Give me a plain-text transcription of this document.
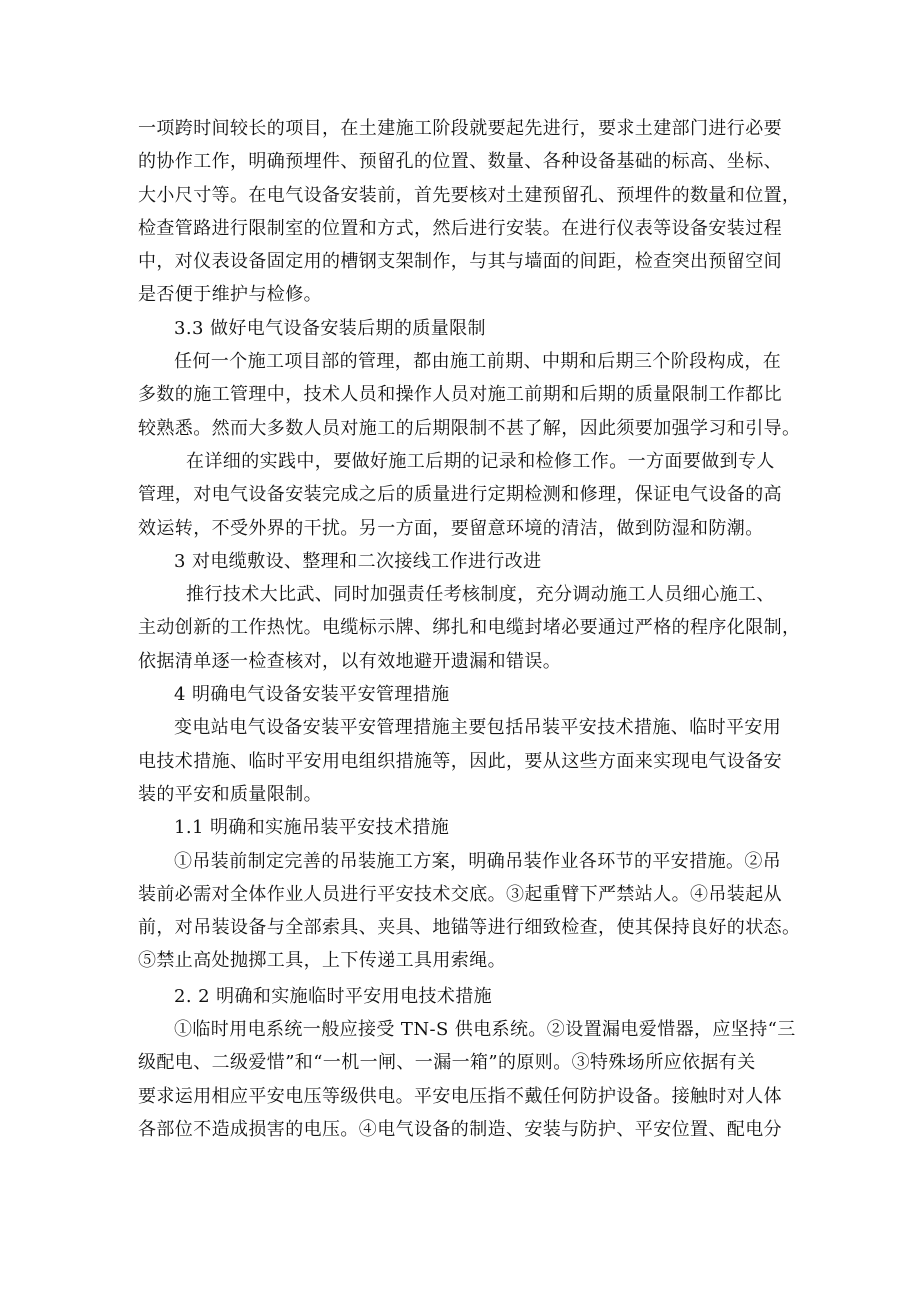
一项跨时间较长的项目，在土建施工阶段就要起先进行，要求土建部门进行必要
的协作工作，明确预埋件、预留孔的位置、数量、各种设备基础的标高、坐标、
大小尺寸等。在电气设备安装前，首先要核对土建预留孔、预埋件的数量和位置，
检查管路进行限制室的位置和方式，然后进行安装。在进行仪表等设备安装过程
中，对仪表设备固定用的槽钢支架制作，与其与墙面的间距，检查突出预留空间
是否便于维护与检修。
3.3 做好电气设备安装后期的质量限制
任何一个施工项目部的管理，都由施工前期、中期和后期三个阶段构成，在
多数的施工管理中，技术人员和操作人员对施工前期和后期的质量限制工作都比
较熟悉。然而大多数人员对施工的后期限制不甚了解，因此须要加强学习和引导。
在详细的实践中，要做好施工后期的记录和检修工作。一方面要做到专人
管理，对电气设备安装完成之后的质量进行定期检测和修理，保证电气设备的高
效运转，不受外界的干扰。另一方面，要留意环境的清洁，做到防湿和防潮。
3 对电缆敷设、整理和二次接线工作进行改进
推行技术大比武、同时加强责任考核制度，充分调动施工人员细心施工、
主动创新的工作热忱。电缆标示牌、绑扎和电缆封堵必要通过严格的程序化限制，
依据清单逐一检查核对，以有效地避开遗漏和错误。
4 明确电气设备安装平安管理措施
变电站电气设备安装平安管理措施主要包括吊装平安技术措施、临时平安用
电技术措施、临时平安用电组织措施等，因此，要从这些方面来实现电气设备安
装的平安和质量限制。
1.1 明确和实施吊装平安技术措施
①吊装前制定完善的吊装施工方案，明确吊装作业各环节的平安措施。②吊
装前必需对全体作业人员进行平安技术交底。③起重臂下严禁站人。④吊装起从
前，对吊装设备与全部索具、夹具、地锚等进行细致检查，使其保持良好的状态。
⑤禁止高处抛掷工具，上下传递工具用索绳。
2. 2 明确和实施临时平安用电技术措施
①临时用电系统一般应接受 TN-S 供电系统。②设置漏电爱惜器，应坚持“三
级配电、二级爱惜”和“一机一闸、一漏一箱”的原则。③特殊场所应依据有关
要求运用相应平安电压等级供电。平安电压指不戴任何防护设备。接触时对人体
各部位不造成损害的电压。④电气设备的制造、安装与防护、平安位置、配电分
